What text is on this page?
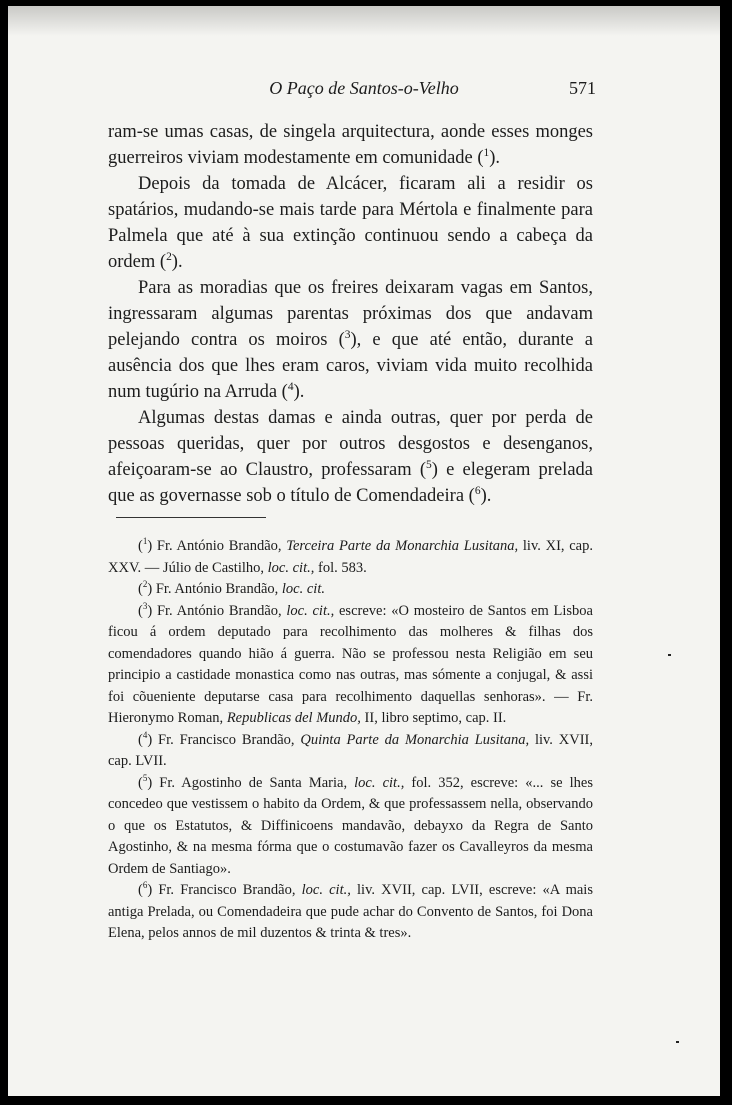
O Paço de Santos-o-Velho	571

ram-se umas casas, de singela arquitectura, aonde esses monges guerreiros viviam modestamente em comunidade ($^1$).

Depois da tomada de Alcácer, ficaram ali a residir os spatários, mudando-se mais tarde para Mértola e finalmente para Palmela que até à sua extinção continuou sendo a cabeça da ordem ($^2$).

Para as moradias que os freires deixaram vagas em Santos, ingressaram algumas parentas próximas dos que andavam pelejando contra os moiros ($^3$), e que até então, durante a ausência dos que lhes eram caros, viviam vida muito recolhida num tugúrio na Arruda ($^4$).

Algumas destas damas e ainda outras, quer por perda de pessoas queridas, quer por outros desgostos e desenganos, afeiçoaram-se ao Claustro, professaram ($^5$) e elegeram prelada que as governasse sob o título de Comendadeira ($^6$).

($^1$) Fr. António Brandão, Terceira Parte da Monarchia Lusitana, liv. XI, cap. XXV. — Júlio de Castilho, loc. cit., fol. 583.

($^2$) Fr. António Brandão, loc. cit.

($^3$) Fr. António Brandão, loc. cit., escreve: «O mosteiro de Santos em Lisboa ficou á ordem deputado para recolhimento das molheres & filhas dos comendadores quando hião á guerra. Não se professou nesta Religião em seu principio a castidade monastica como nas outras, mas sómente a conjugal, & assi foi cõueniente deputarse casa para recolhimento daquellas senhoras». — Fr. Hieronymo Roman, Republicas del Mundo, II, libro septimo, cap. II.

($^4$) Fr. Francisco Brandão, Quinta Parte da Monarchia Lusitana, liv. XVII, cap. LVII.

($^5$) Fr. Agostinho de Santa Maria, loc. cit., fol. 352, escreve: «... se lhes concedeo que vestissem o habito da Ordem, & que professassem nella, observando o que os Estatutos, & Diffinicoens mandavão, debayxo da Regra de Santo Agostinho, & na mesma fórma que o costumavão fazer os Cavalleyros da mesma Ordem de Santiago».

($^6$) Fr. Francisco Brandão, loc. cit., liv. XVII, cap. LVII, escreve: «A mais antiga Prelada, ou Comendadeira que pude achar do Convento de Santos, foi Dona Elena, pelos annos de mil duzentos & trinta & tres».
